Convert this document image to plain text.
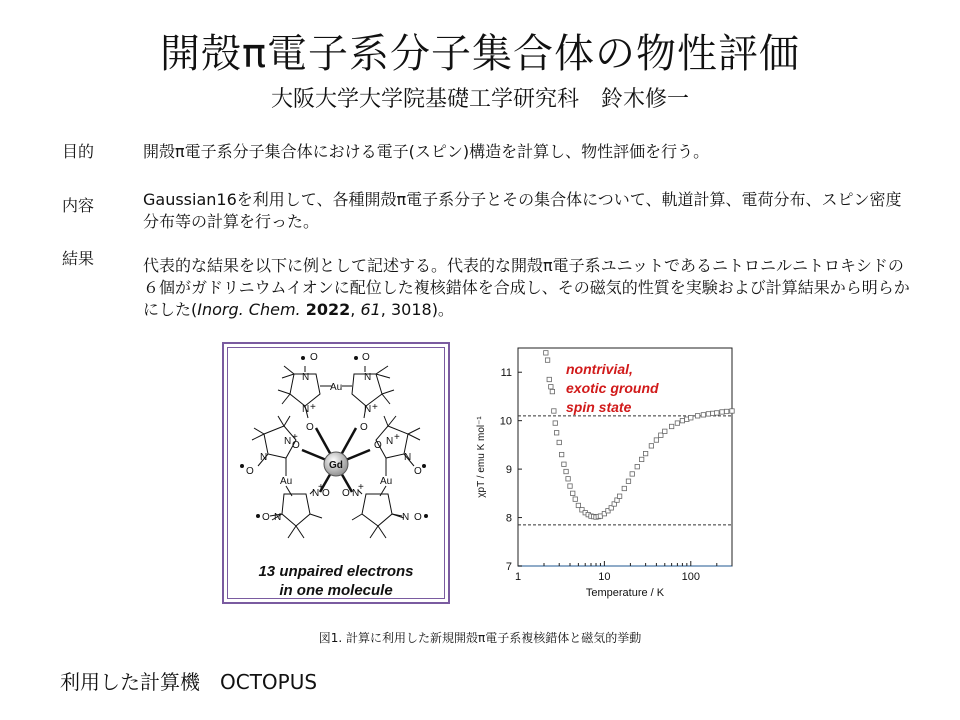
開殻π電子系分子集合体の物性評価
大阪大学大学院基礎工学研究科　鈴木修一
目的	開殻π電子系分子集合体における電子(スピン)構造を計算し、物性評価を行う。
内容	Gaussian16を利用して、各種開殻π電子系分子とその集合体について、軌道計算、電荷分布、スピン密度分布等の計算を行った。
結果	代表的な結果を以下に例として記述する。代表的な開殻π電子系ユニットであるニトロニルニトロキシドの６個がガドリニウムイオンに配位した複核錯体を合成し、その磁気的性質を実験および計算結果から明らかにした(Inorg. Chem. 2022, 61, 3018)。
Gd
N
O
N
O
Au
N +
O
N +
O
O
N +
O N +
N
O
N
O
Au	Au
O O
N
+
N
+
O N	N O
13 unpaired electrons
in one molecule
7
8
9
10
11
1	10	100
Temperature / K
χpT / emu K mol⁻¹
nontrivial,
exotic ground
spin state
図1. 計算に利用した新規開殻π電子系複核錯体と磁気的挙動
利用した計算機 OCTOPUS
